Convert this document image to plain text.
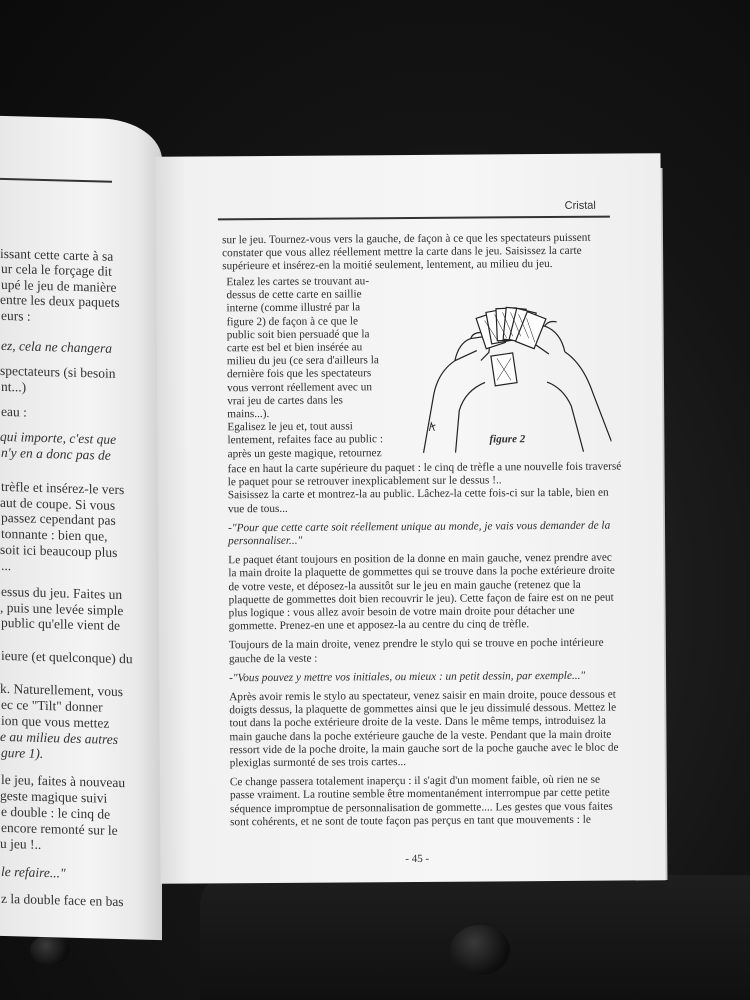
issant cette carte à sa
ur cela le forçage dit
upé le jeu de manière
entre les deux paquets
eurs :
ez, cela ne changera
spectateurs (si besoin
nt...)
eau :
qui importe, c'est que
n'y en a donc pas de
trèfle et insérez-le vers
aut de coupe. Si vous
passez cependant pas
tonnante : bien que,
soit ici beaucoup plus
...
essus du jeu. Faites un
, puis une levée simple
public qu'elle vient de
ieure (et quelconque) du
k. Naturellement, vous
ec ce "Tilt" donner
ion que vous mettez
e au milieu des autres
gure 1).
le jeu, faites à nouveau
geste magique suivi
e double : le cinq de
encore remonté sur le
u jeu !..
le refaire..."
z la double face en bas
Cristal
sur le jeu. Tournez-vous vers la gauche, de façon à ce que les spectateurs puissent
constater que vous allez réellement mettre la carte dans le jeu. Saisissez la carte
supérieure et insérez-en la moitié seulement, lentement, au milieu du jeu.
Etalez les cartes se trouvant au-
dessus de cette carte en saillie
interne (comme illustré par la
figure 2) de façon à ce que le
public soit bien persuadé que la
carte est bel et bien insérée au
milieu du jeu (ce sera d'ailleurs la
dernière fois que les spectateurs
vous verront réellement avec un
vrai jeu de cartes dans les
mains...).
Egalisez le jeu et, tout aussi
lentement, refaites face au public :
après un geste magique, retournez
face en haut la carte supérieure du paquet : le cinq de trèfle a une nouvelle fois traversé
le paquet pour se retrouver inexplicablement sur le dessus !..
Saisissez la carte et montrez-la au public. Lâchez-la cette fois-ci sur la table, bien en
vue de tous...
-"Pour que cette carte soit réellement unique au monde, je vais vous demander de la
personnaliser..."
Le paquet étant toujours en position de la donne en main gauche, venez prendre avec
la main droite la plaquette de gommettes qui se trouve dans la poche extérieure droite
de votre veste, et déposez-la aussitôt sur le jeu en main gauche (retenez que la
plaquette de gommettes doit bien recouvrir le jeu). Cette façon de faire est on ne peut
plus logique : vous allez avoir besoin de votre main droite pour détacher une
gommette. Prenez-en une et apposez-la au centre du cinq de trèfle.
Toujours de la main droite, venez prendre le stylo qui se trouve en poche intérieure
gauche de la veste :
-"Vous pouvez y mettre vos initiales, ou mieux : un petit dessin, par exemple..."
Après avoir remis le stylo au spectateur, venez saisir en main droite, pouce dessous et
doigts dessus, la plaquette de gommettes ainsi que le jeu dissimulé dessous. Mettez le
tout dans la poche extérieure droite de la veste. Dans le même temps, introduisez la
main gauche dans la poche extérieure gauche de la veste. Pendant que la main droite
ressort vide de la poche droite, la main gauche sort de la poche gauche avec le bloc de
plexiglas surmonté de ses trois cartes...
Ce change passera totalement inaperçu : il s'agit d'un moment faible, où rien ne se
passe vraiment. La routine semble être momentanément interrompue par cette petite
séquence impromptue de personnalisation de gommette.... Les gestes que vous faites
sont cohérents, et ne sont de toute façon pas perçus en tant que mouvements : le
figure 2
- 45 -
